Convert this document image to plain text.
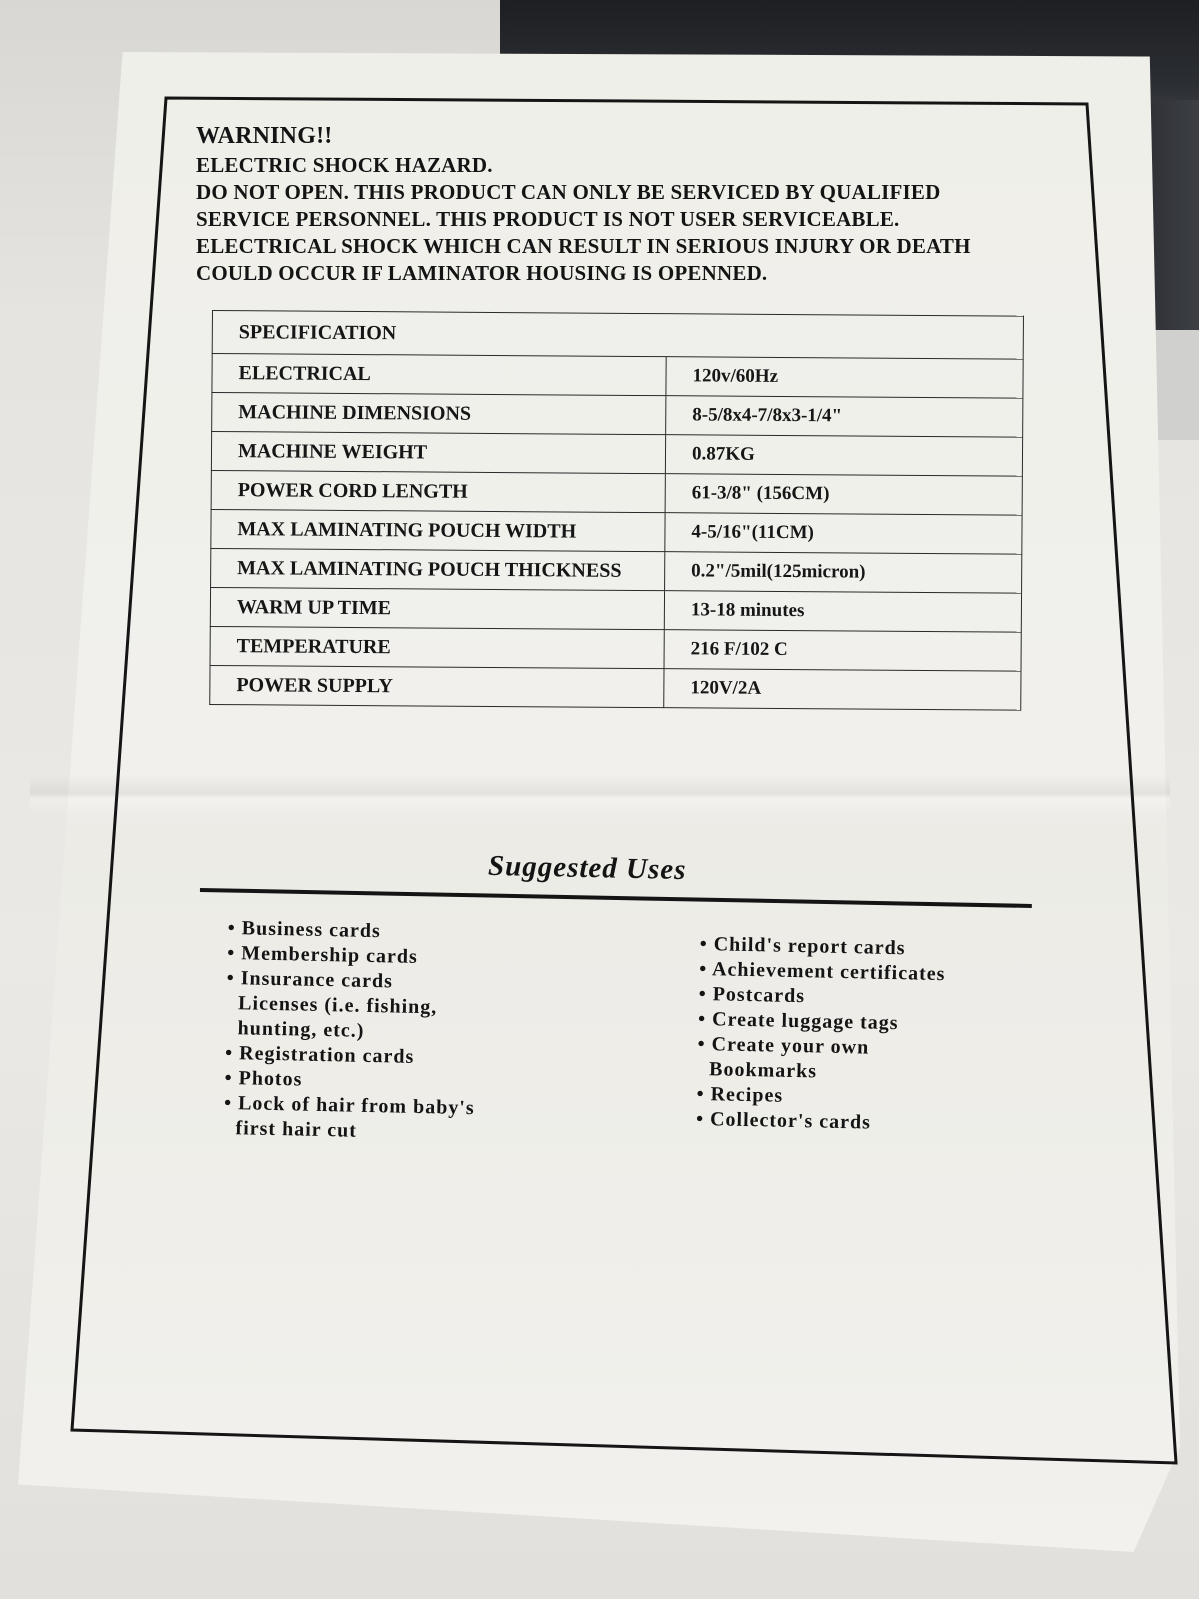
WARNING!!
ELECTRIC SHOCK HAZARD.
DO NOT OPEN. THIS PRODUCT CAN ONLY BE SERVICED BY QUALIFIED
SERVICE PERSONNEL. THIS PRODUCT IS NOT USER SERVICEABLE.
ELECTRICAL SHOCK WHICH CAN RESULT IN SERIOUS INJURY OR DEATH
COULD OCCUR IF LAMINATOR HOUSING IS OPENNED.
SPECIFICATION	
ELECTRICAL	120v/60Hz
MACHINE DIMENSIONS	8-5/8x4-7/8x3-1/4"
MACHINE WEIGHT	0.87KG
POWER CORD LENGTH	61-3/8" (156CM)
MAX LAMINATING POUCH WIDTH	4-5/16"(11CM)
MAX LAMINATING POUCH THICKNESS	0.2"/5mil(125micron)
WARM UP TIME	13-18 minutes
TEMPERATURE	216 F/102 C
POWER SUPPLY	120V/2A
Suggested Uses
• Business cards
• Membership cards
• Insurance cards
Licenses (i.e. fishing,
hunting, etc.)
• Registration cards
• Photos
• Lock of hair from baby's
first hair cut
• Child's report cards
• Achievement certificates
• Postcards
• Create luggage tags
• Create your own
Bookmarks
• Recipes
• Collector's cards
